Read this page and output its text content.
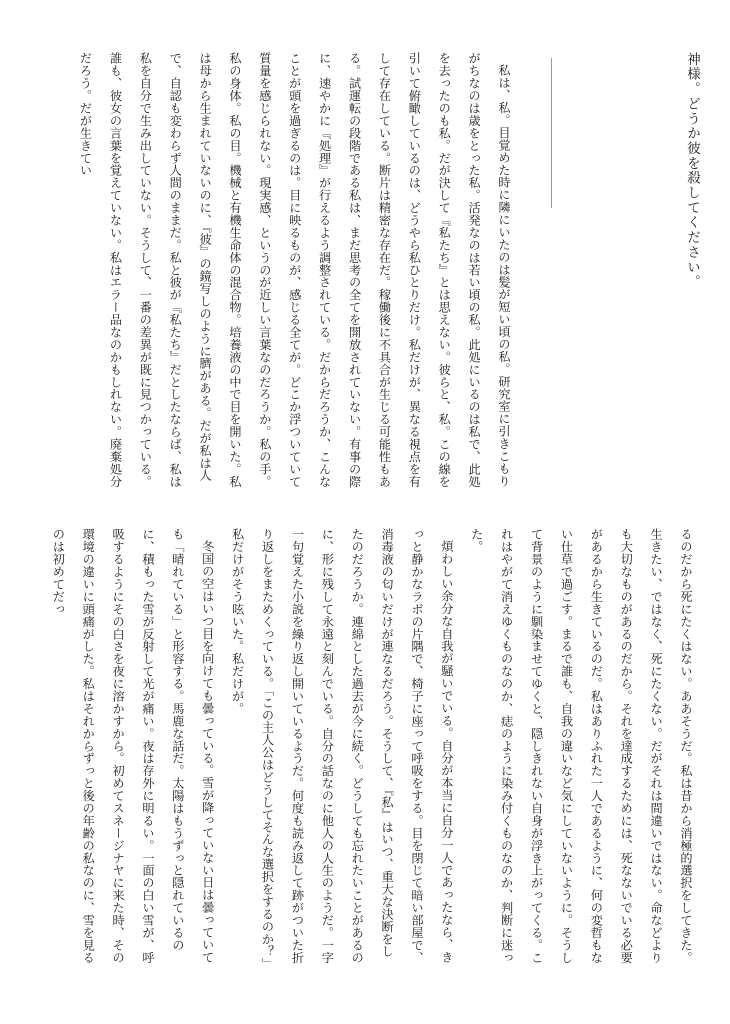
神様。どうか彼を殺してください。

私は、私。目覚めた時に隣にいたのは髪が短い頃の私。研究室に引きこもりがちなのは歳をとった私。活発なのは若い頃の私。此処にいるのは私で、此処を去ったのも私。だが決して『私たち』とは思えない。彼らと、私。この線を引いて俯瞰しているのは、どうやら私ひとりだけ。私だけが、異なる視点を有して存在している。断片は精密な存在だ。稼働後に不具合が生じる可能性もある。試運転の段階である私は、まだ思考の全てを開放されていない。有事の際に、速やかに『処理』が行えるよう調整されている。だからだろうか、こんなことが頭を過ぎるのは。目に映るものが、感じる全てが。どこか浮ついていて質量を感じられない。現実感、というのが近しい言葉なのだろうか。私の手。私の身体。私の目。機械と有機生命体の混合物。培養液の中で目を開いた。私は母から生まれていないのに、『彼』の鏡写しのように臍がある。だが私は人で、自認も変わらず人間のままだ。私と彼が『私たち』だとしたならば、私は私を自分で生み出していない。そうして、一番の差異が既に見つかっている。誰も、彼女の言葉を覚えていない。私はエラー品なのかもしれない。廃棄処分だろう。だが生きてい

るのだから死にたくはない。ああそうだ。私は昔から消極的選択をしてきた。生きたい、ではなく、死にたくない。だがそれは間違いではない。命などよりも大切なものがあるのだから。それを達成するためには、死なないでいる必要があるから生きているのだ。私はありふれた一人であるように、何の変哲もない仕草で過ごす。まるで誰も、自我の違いなど気にしていないように。そうして背景のように馴染ませてゆくと、隠しきれない自身が浮き上がってくる。これはやがて消えゆくものなのか、痣のように染み付くものなのか、判断に迷った。

煩わしい余分な自我が騒いでいる。自分が本当に自分一人であったなら、きっと静かなラボの片隅で、椅子に座って呼吸をする。目を閉じて暗い部屋で、消毒液の匂いだけが連なるだろう。そうして、『私』はいつ、重大な決断をしたのだろうか。連綿とした過去が今に続く。どうしても忘れたいことがあるのに、形に残して永遠と刻んでいる。自分の話なのに他人の人生のようだ。一字一句覚えた小説を繰り返し開いているようだ。何度も読み返して跡がついた折り返しをまためくっている。「この主人公はどうしてそんな選択をするのか？」私だけがそう呟いた。私だけが。

冬国の空はいつ目を向けても曇っている。雪が降っていない日は曇っていても「晴れている」と形容する。馬鹿な話だ。太陽はもうずっと隠れているのに、積もった雪が反射して光が痛い。夜は存外に明るい。一面の白い雪が、呼吸するようにその白さを夜に溶かすから。初めてスネージナヤに来た時、その環境の違いに頭痛がした。私はそれからずっと後の年齢の私なのに、雪を見るのは初めてだっ
